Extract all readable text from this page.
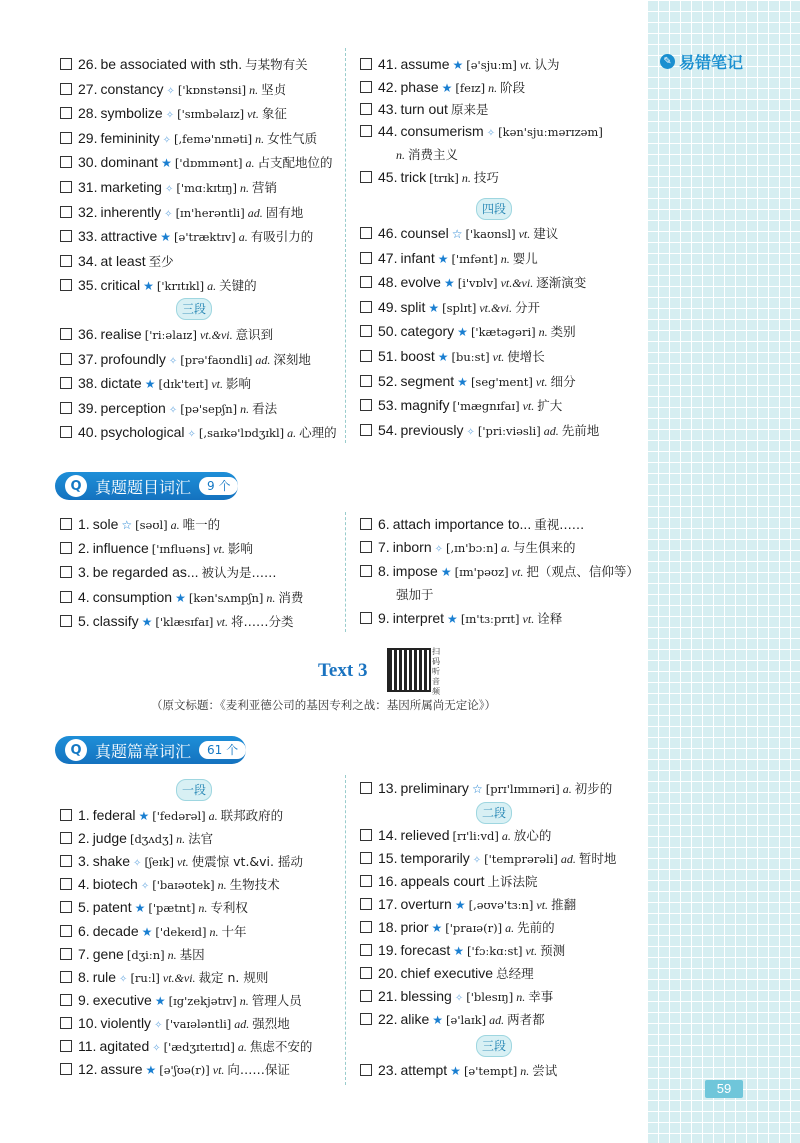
✎ 易错笔记
59
26. be associated with sth. 与某物有关
27. constancy ✧ ['kɒnstənsi] n. 坚贞
28. symbolize ✧ ['sɪmbəlaɪz] vt. 象征
29. femininity ✧ [,femə'nɪnəti] n. 女性气质
30. dominant ★ ['dɒmɪnənt] a. 占支配地位的
31. marketing ✧ ['mɑːkɪtɪŋ] n. 营销
32. inherently ✧ [ɪn'herəntli] ad. 固有地
33. attractive ★ [ə'træktɪv] a. 有吸引力的
34. at least 至少
35. critical ★ ['krɪtɪkl] a. 关键的
三段
36. realise ['riːəlaɪz] vt.&vi. 意识到
37. profoundly ✧ [prə'faʊndli] ad. 深刻地
38. dictate ★ [dɪk'teɪt] vt. 影响
39. perception ✧ [pə'sepʃn] n. 看法
40. psychological ✧ [,saɪkə'lɒdʒɪkl] a. 心理的
41. assume ★ [ə'sjuːm] vt. 认为
42. phase ★ [feɪz] n. 阶段
43. turn out 原来是
44. consumerism ✧ [kən'sjuːmərɪzəm]
n. 消费主义
45. trick [trɪk] n. 技巧
四段
46. counsel ☆ ['kaʊnsl] vt. 建议
47. infant ★ ['ɪnfənt] n. 婴儿
48. evolve ★ [i'vɒlv] vt.&vi. 逐渐演变
49. split ★ [splɪt] vt.&vi. 分开
50. category ★ ['kætəgəri] n. 类别
51. boost ★ [buːst] vt. 使增长
52. segment ★ [seg'ment] vt. 细分
53. magnify ['mægnɪfaɪ] vt. 扩大
54. previously ✧ ['priːviəsli] ad. 先前地
Q 真题题目词汇	9 个
1. sole ☆ [səʊl] a. 唯一的
2. influence ['ɪnfluəns] vt. 影响
3. be regarded as... 被认为是……
4. consumption ★ [kən'sʌmpʃn] n. 消费
5. classify ★ ['klæsɪfaɪ] vt. 将……分类
6. attach importance to... 重视……
7. inborn ✧ [,ɪn'bɔːn] a. 与生俱来的
8. impose ★ [ɪm'pəʊz] vt. 把（观点、信仰等）
强加于
9. interpret ★ [ɪn'tɜːprɪt] vt. 诠释
Text 3
扫码听音频
（原文标题：《麦利亚德公司的基因专利之战：基因所属尚无定论》）
Q 真题篇章词汇	61 个
一段
1. federal ★ ['fedərəl] a. 联邦政府的
2. judge [dʒʌdʒ] n. 法官
3. shake ✧ [ʃeɪk] vt. 使震惊 vt.&vi. 摇动
4. biotech ✧ ['baɪəʊtek] n. 生物技术
5. patent ★ ['pætnt] n. 专利权
6. decade ★ ['dekeɪd] n. 十年
7. gene [dʒiːn] n. 基因
8. rule ✧ [ruːl] vt.&vi. 裁定 n. 规则
9. executive ★ [ɪg'zekjətɪv] n. 管理人员
10. violently ✧ ['vaɪələntli] ad. 强烈地
11. agitated ✧ ['ædʒɪteɪtɪd] a. 焦虑不安的
12. assure ★ [ə'ʃʊə(r)] vt. 向……保证
13. preliminary ☆ [prɪ'lɪmɪnəri] a. 初步的
二段
14. relieved [rɪ'liːvd] a. 放心的
15. temporarily ✧ ['temprərəli] ad. 暂时地
16. appeals court 上诉法院
17. overturn ★ [,əʊvə'tɜːn] vt. 推翻
18. prior ★ ['praɪə(r)] a. 先前的
19. forecast ★ ['fɔːkɑːst] vt. 预测
20. chief executive 总经理
21. blessing ✧ ['blesɪŋ] n. 幸事
22. alike ★ [ə'laɪk] ad. 两者都
三段
23. attempt ★ [ə'tempt] n. 尝试
